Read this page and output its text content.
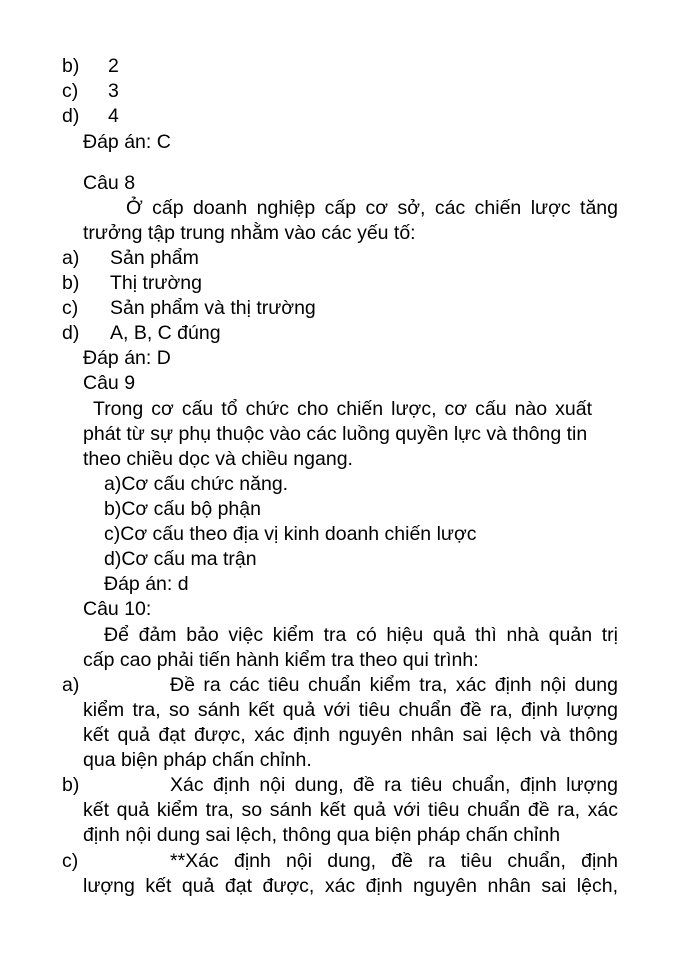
b) 2
c) 3
d) 4
Đáp án: C
Câu 8
Ở cấp doanh nghiệp cấp cơ sở, các chiến lược tăng
trưởng tập trung nhằm vào các yếu tố:
a) Sản phẩm
b) Thị trường
c) Sản phẩm và thị trường
d) A, B, C đúng
Đáp án: D
Câu 9
Trong cơ cấu tổ chức cho chiến lược, cơ cấu nào xuất
phát từ sự phụ thuộc vào các luồng quyền lực và thông tin
theo chiều dọc và chiều ngang.
a)Cơ cấu chức năng.
b)Cơ cấu bộ phận
c)Cơ cấu theo địa vị kinh doanh chiến lược
d)Cơ cấu ma trận
Đáp án: d
Câu 10:
Để đảm bảo việc kiểm tra có hiệu quả thì nhà quản trị
cấp cao phải tiến hành kiểm tra theo qui trình:
a)	Đề ra các tiêu chuẩn kiểm tra, xác định nội dung
kiểm tra, so sánh kết quả với tiêu chuẩn đề ra, định lượng
kết quả đạt được, xác định nguyên nhân sai lệch và thông
qua biện pháp chấn chỉnh.
b)	Xác định nội dung, đề ra tiêu chuẩn, định lượng
kết quả kiểm tra, so sánh kết quả với tiêu chuẩn đề ra, xác
định nội dung sai lệch, thông qua biện pháp chấn chỉnh
c)	**Xác định nội dung, đề ra tiêu chuẩn, định
lượng kết quả đạt được, xác định nguyên nhân sai lệch,
